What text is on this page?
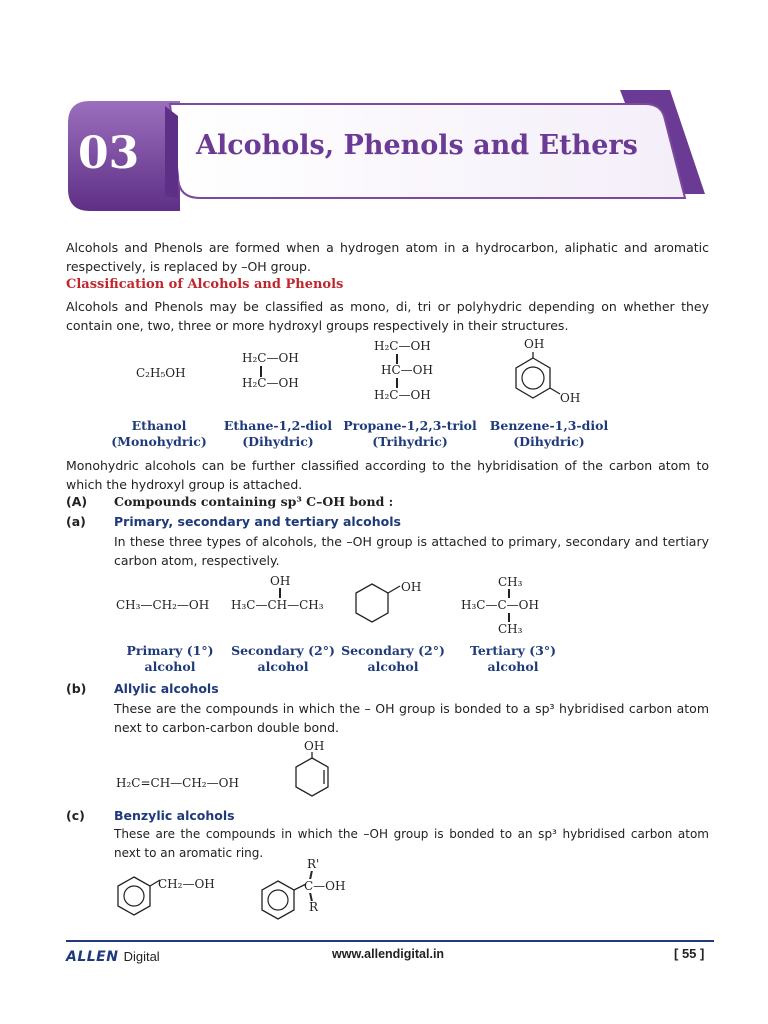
03 Alcohols, Phenols and Ethers
Alcohols and Phenols are formed when a hydrogen atom in a hydrocarbon, aliphatic and aromatic respectively, is replaced by –OH group.
Classification of Alcohols and Phenols
Alcohols and Phenols may be classified as mono, di, tri or polyhydric depending on whether they contain one, two, three or more hydroxyl groups respectively in their structures.
C₂H₅OH
H₂C—OH
H₂C—OH
H₂C—OH
HC—OH
H₂C—OH
OH
OH
Ethanol
(Monohydric)
Ethane-1,2-diol
(Dihydric)
Propane-1,2,3-triol
(Trihydric)
Benzene-1,3-diol
(Dihydric)
Monohydric alcohols can be further classified according to the hybridisation of the carbon atom to which the hydroxyl group is attached.
(A) Compounds containing sp³ C–OH bond :
(a) Primary, secondary and tertiary alcohols
In these three types of alcohols, the –OH group is attached to primary, secondary and tertiary carbon atom, respectively.
CH₃—CH₂—OH
OH
H₃C—CH—CH₃
OH	CH₃
H₃C—C—OH
CH₃
Primary (1°)
alcohol
Secondary (2°)
alcohol
Secondary (2°)
alcohol
Tertiary (3°)
alcohol
(b) Allylic alcohols
These are the compounds in which the – OH group is bonded to a sp³ hybridised carbon atom next to carbon-carbon double bond.
H₂C=CH—CH₂—OH
OH
(c) Benzylic alcohols
These are the compounds in which the –OH group is bonded to an sp³ hybridised carbon atom next to an aromatic ring.
CH₂—OH
R'
C—OH
R
ALLEN Digital	www.allendigital.in	[ 55 ]
